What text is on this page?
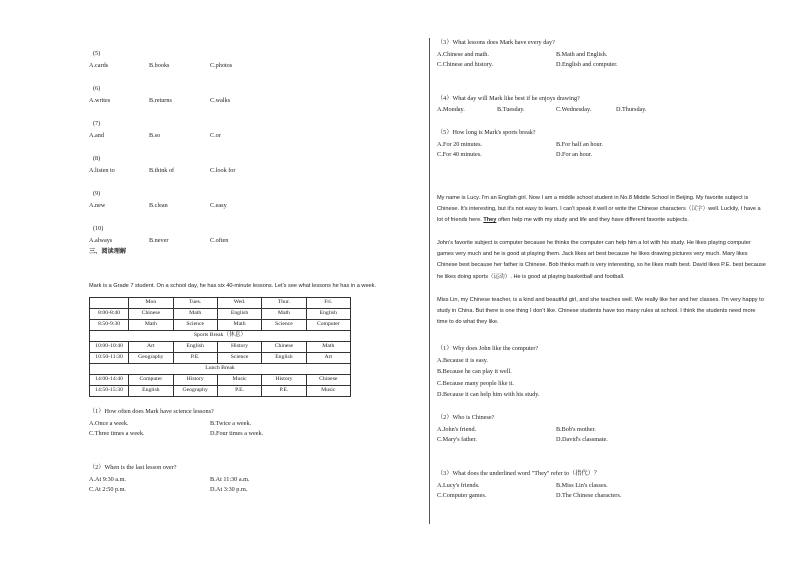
(5)
A.cards	B.books	C.photos
(6)
A.writes	B.returns	C.walks
(7)
A.and	B.so	C.or
(8)
A.listen to	B.think of	C.look for
(9)
A.new	B.clean	C.easy
(10)
A.always	B.never	C.often
三、阅读理解
Mark is a Grade 7 student. On a school day, he has six 40-minute lessons. Let's see what lessons he has in a week.
	Mon	Tues.	Wed.	Thur.	Fri.
8:00-8:40	Chinese	Math	English	Math	English
8:50-9:30	Math	Science	Math	Science	Computer
Sports Break（休息）					
10:00-10:40	Art	English	History	Chinese	Math
10:50-11:30	Geography	P.E.	Science	English	Art
Lunch Break					
14:00-14:40	Computer	History	Music	History	Chinese
14:50-15:30	English	Geography	P.E.	P.E.	Music
（1）How often does Mark have science lessons?
A.Once a week.	B.Twice a week.
C.Three times a week.	D.Four times a week.
（2）When is the last lesson over?
A.At 9:30 a.m.	B.At 11:30 a.m.
C.At 2:50 p.m.	D.At 3:30 p.m.
（3）What lessons does Mark have every day?
A.Chinese and math.	B.Math and English.
C.Chinese and history.	D.English and computer.
（4）What day will Mark like best if he enjoys drawing?
A.Monday.	B.Tuesday.	C.Wednesday.	D.Thursday.
（5）How long is Mark's sports break?
A.For 20 minutes.	B.For half an hour.
C.For 40 minutes.	D.For an hour.
My name is Lucy. I'm an English girl. Now I am a middle school student in No.8 Middle School in Beijing. My favorite subject is Chinese. It's interesting, but it's not easy to learn. I can't speak it well or write the Chinese characters（汉字）well. Luckily, I have a lot of friends here. They often help me with my study and life and they have different favorite subjects.
John's favorite subject is computer because he thinks the computer can help him a lot with his study. He likes playing computer games very much and he is good at playing them. Jack likes art best because he likes drawing pictures very much. Mary likes Chinese best because her father is Chinese. Bob thinks math is very interesting, so he likes math best. David likes P.E. best because he likes doing sports（运动）. He is good at playing basketball and football.
Miss Lin, my Chinese teacher, is a kind and beautiful girl, and she teaches well. We really like her and her classes. I'm very happy to study in China. But there is one thing I don't like. Chinese students have too many rules at school. I think the students need more time to do what they like.
（1）Why does John like the computer?
A.Because it is easy.
B.Because he can play it well.
C.Because many people like it.
D.Because it can help him with his study.
（2）Who is Chinese?
A.John's friend.	B.Bob's mother.
C.Mary's father.	D.David's classmate.
（3）What does the underlined word "They" refer to（指代）？
A.Lucy's friends.	B.Miss Lin's classes.
C.Computer games.	D.The Chinese characters.
